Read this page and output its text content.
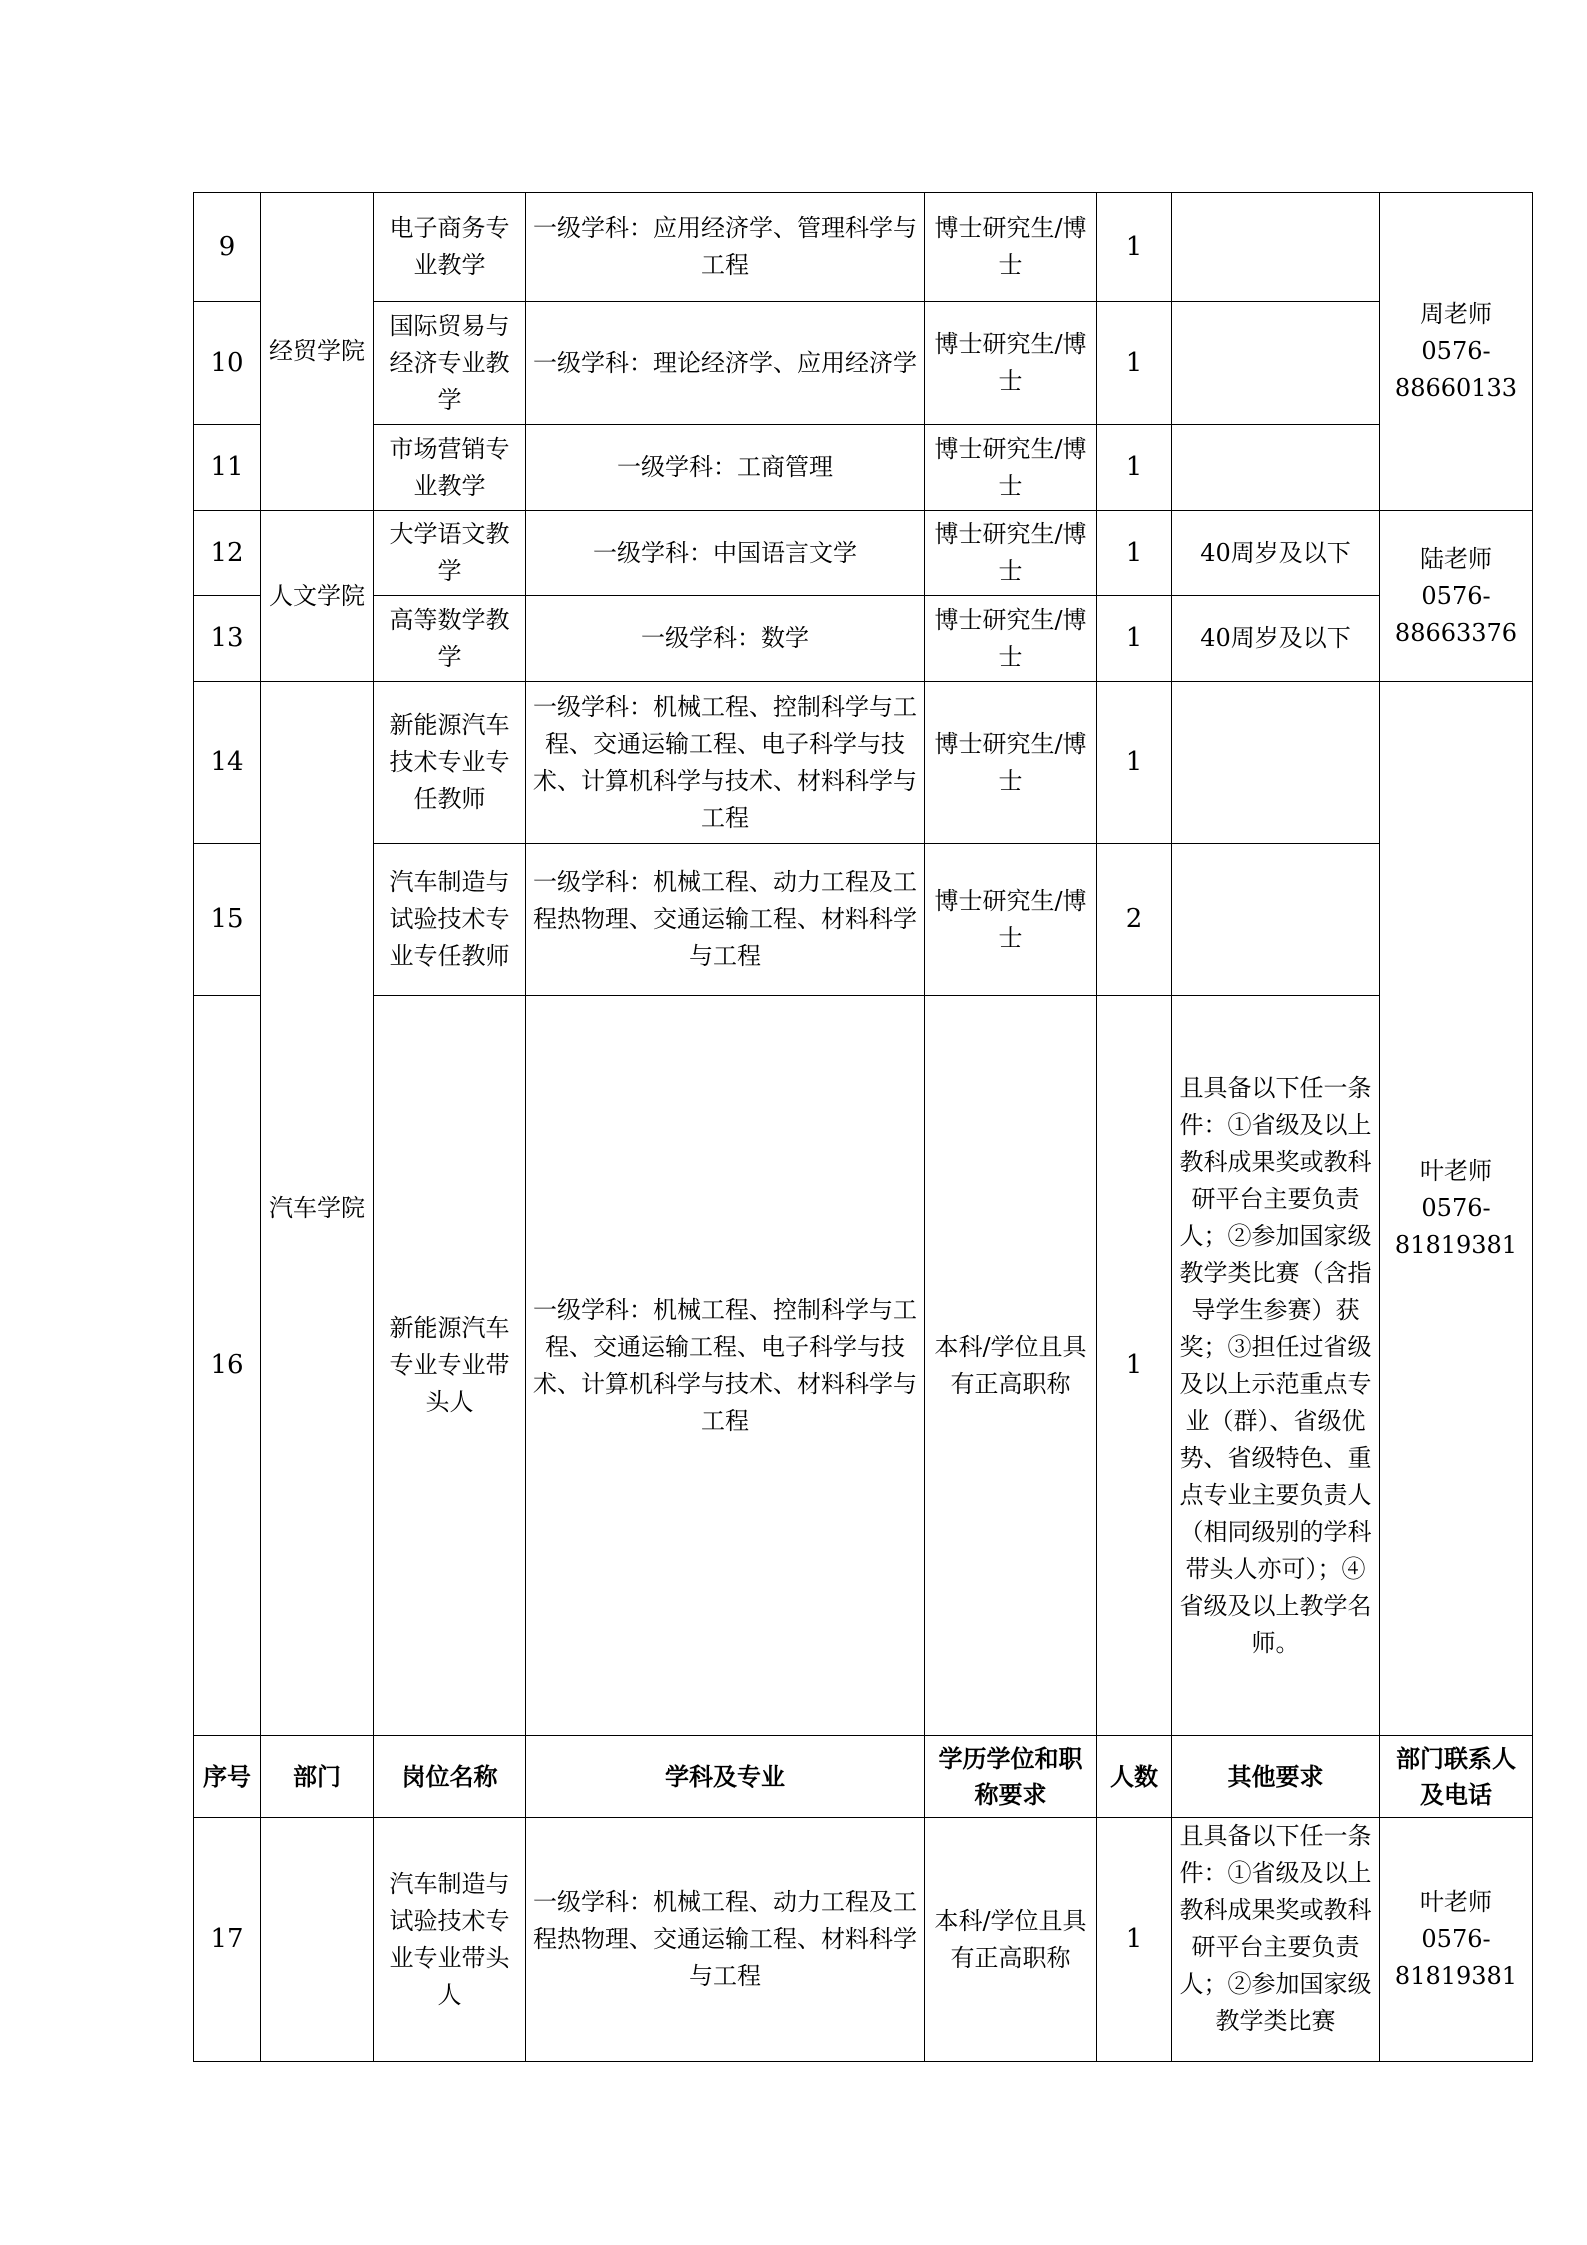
9	经贸学院	电子商务专业教学	一级学科：应用经济学、管理科学与工程	博士研究生/博士	1		周老师 0576-88660133
10		国际贸易与经济专业教学	一级学科：理论经济学、应用经济学	博士研究生/博士	1		
11		市场营销专业教学	一级学科：工商管理	博士研究生/博士	1		
12	人文学院	大学语文教学	一级学科：中国语言文学	博士研究生/博士	1	40周岁及以下	陆老师 0576-88663376
13		高等数学教学	一级学科：数学	博士研究生/博士	1	40周岁及以下	
14	汽车学院	新能源汽车技术专业专任教师	一级学科：机械工程、控制科学与工程、交通运输工程、电子科学与技术、计算机科学与技术、材料科学与工程	博士研究生/博士	1		叶老师 0576-81819381
15		汽车制造与试验技术专业专任教师	一级学科：机械工程、动力工程及工程热物理、交通运输工程、材料科学与工程	博士研究生/博士	2		
16		新能源汽车专业专业带头人	一级学科：机械工程、控制科学与工程、交通运输工程、电子科学与技术、计算机科学与技术、材料科学与工程	本科/学位且具有正高职称	1	且具备以下任一条件：①省级及以上教科成果奖或教科研平台主要负责人；②参加国家级教学类比赛（含指导学生参赛）获奖；③担任过省级及以上示范重点专业（群）、省级优势、省级特色、重点专业主要负责人（相同级别的学科带头人亦可）；④省级及以上教学名师。	
序号	部门	岗位名称	学科及专业	学历学位和职称要求	人数	其他要求	部门联系人及电话
17		汽车制造与试验技术专业专业带头人	一级学科：机械工程、动力工程及工程热物理、交通运输工程、材料科学与工程	本科/学位且具有正高职称	1	且具备以下任一条件：①省级及以上教科成果奖或教科研平台主要负责人；②参加国家级教学类比赛	叶老师 0576-81819381
